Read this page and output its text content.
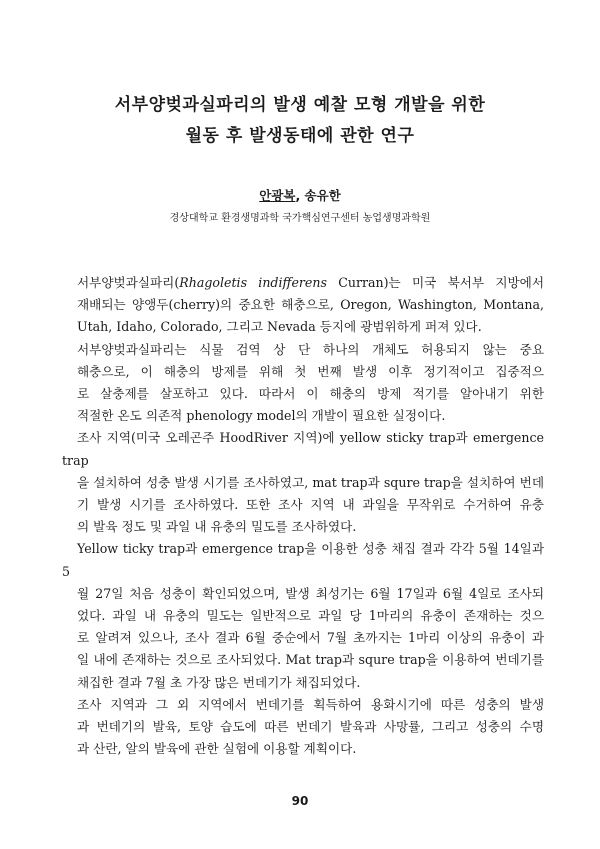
서부양벚과실파리의 발생 예찰 모형 개발을 위한
월동 후 발생동태에 관한 연구
안광복, 송유한
경상대학교 환경생명과학 국가핵심연구센터 농업생명과학원

서부양벚과실파리(Rhagoletis indifferens Curran)는 미국 북서부 지방에서
재배되는 양앵두(cherry)의 중요한 해충으로, Oregon, Washington, Montana,
Utah, Idaho, Colorado, 그리고 Nevada 등지에 광범위하게 퍼져 있다.

서부양벚과실파리는 식물 검역 상 단 하나의 개체도 허용되지 않는 중요
해충으로, 이 해충의 방제를 위해 첫 번째 발생 이후 정기적이고 집중적으
로 살충제를 살포하고 있다. 따라서 이 해충의 방제 적기를 알아내기 위한
적절한 온도 의존적 phenology model의 개발이 필요한 실정이다.

조사 지역(미국 오레곤주 HoodRiver 지역)에 yellow sticky trap과 emergence trap
을 설치하여 성충 발생 시기를 조사하였고, mat trap과 squre trap을 설치하여 번데
기 발생 시기를 조사하였다. 또한 조사 지역 내 과일을 무작위로 수거하여 유충
의 발육 정도 및 과일 내 유충의 밀도를 조사하였다.

Yellow ticky trap과 emergence trap을 이용한 성충 채집 결과 각각 5월 14일과 5
월 27일 처음 성충이 확인되었으며, 발생 최성기는 6월 17일과 6월 4일로 조사되
었다. 과일 내 유충의 밀도는 일반적으로 과일 당 1마리의 유충이 존재하는 것으
로 알려져 있으나, 조사 결과 6월 중순에서 7월 초까지는 1마리 이상의 유충이 과
일 내에 존재하는 것으로 조사되었다. Mat trap과 squre trap을 이용하여 번데기를
채집한 결과 7월 초 가장 많은 번데기가 채집되었다.

조사 지역과 그 외 지역에서 번데기를 획득하여 용화시기에 따른 성충의 발생
과 번데기의 발육, 토양 습도에 따른 번데기 발육과 사망률, 그리고 성충의 수명
과 산란, 알의 발육에 관한 실험에 이용할 계획이다.

90
